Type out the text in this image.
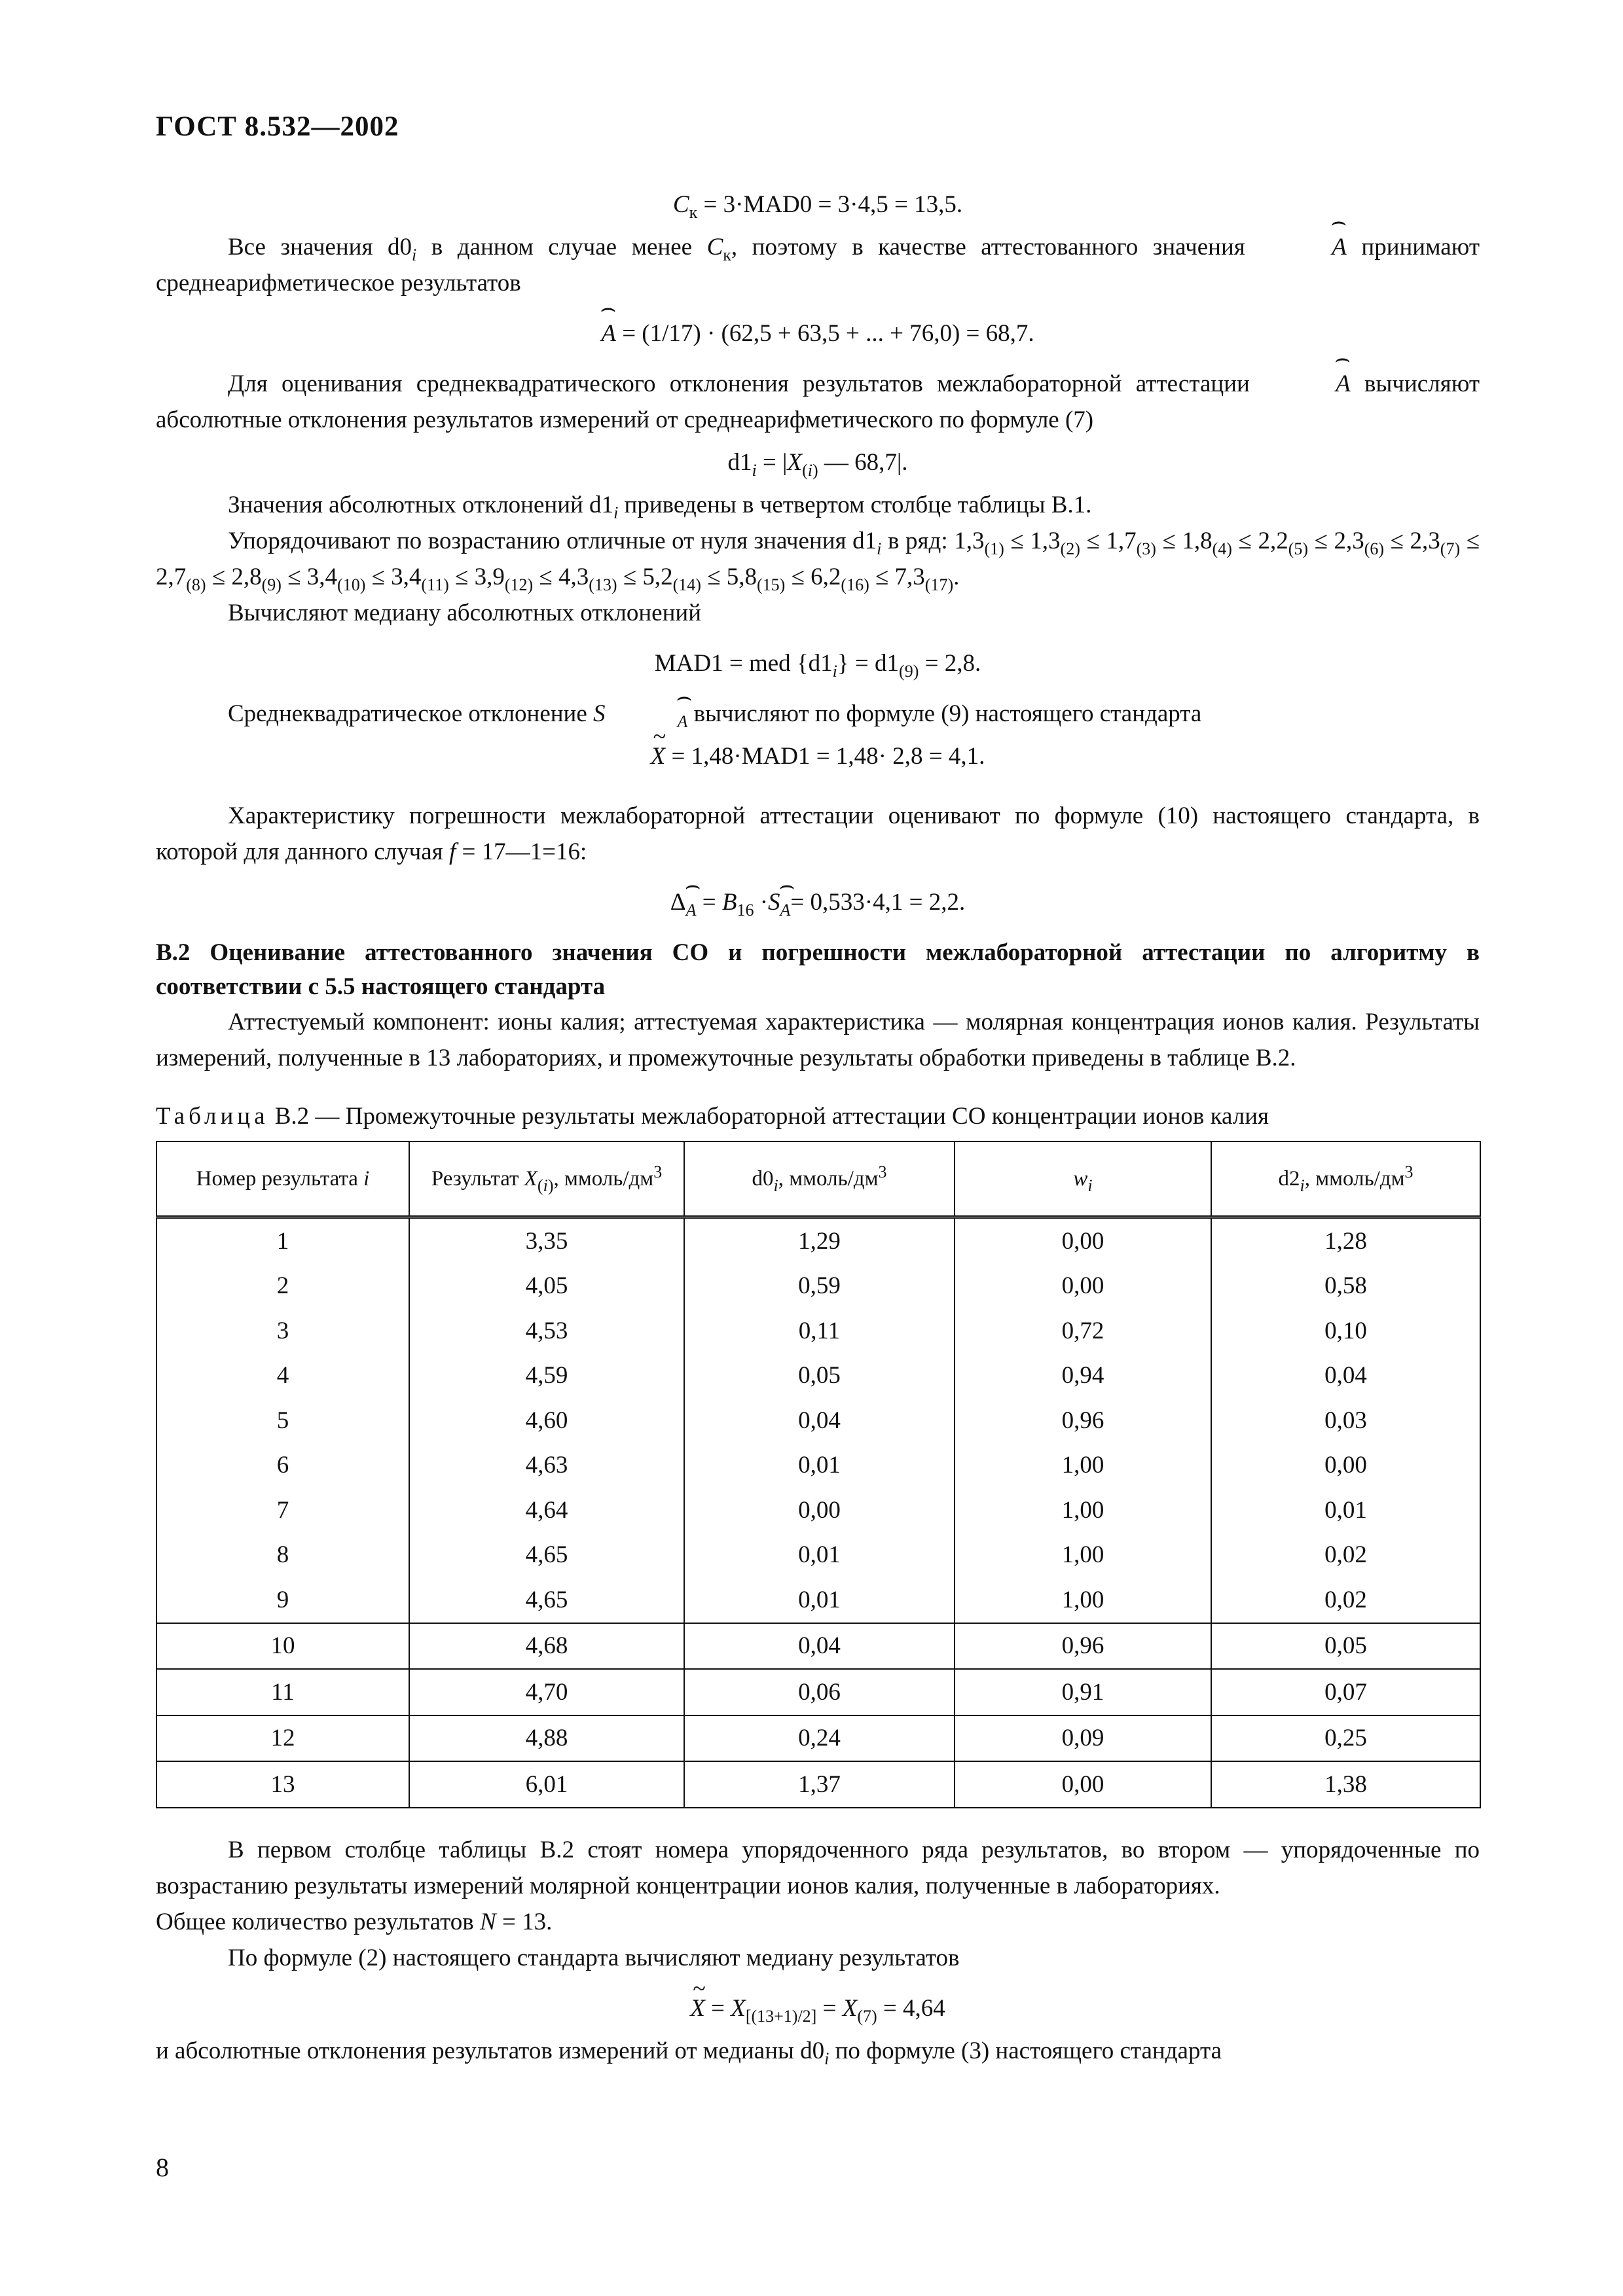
ГОСТ 8.532—2002

$C_к = 3\cdot MAD0 = 3\cdot 4,5 = 13,5$.

Все значения $d0_i$ в данном случае менее $C_к$, поэтому в качестве аттестованного значения	⌢ A принимают среднеарифметическое результатов

⌢ A = (1/17) · (62,5 + 63,5 + ... + 76,0) = 68,7.

Для оценивания среднеквадратического отклонения результатов межлабораторной аттестации	⌢ A вычисляют абсолютные отклонения результатов измерений от среднеарифметического по формуле (7)

$d1_i = |X_{(i)}$ — 68,7|.

Значения абсолютных отклонений $d1_i$ приведены в четвертом столбце таблицы В.1.

Упорядочивают по возрастанию отличные от нуля значения $d1_i$ в ряд: $1,3_{(1)} \le 1,3_{(2)} \le 1,7_{(3)} \le 1,8_{(4)} \le 2,2_{(5)} \le 2,3_{(6)} \le 2,3_{(7)} \le 2,7_{(8)} \le 2,8_{(9)} \le 3,4_{(10)} \le 3,4_{(11)} \le 3,9_{(12)} \le 4,3_{(13)} \le 5,2_{(14)} \le 5,8_{(15)} \le 6,2_{(16)} \le 7,3_{(17)}$.

Вычисляют медиану абсолютных отклонений

MAD1 = med $\{d1_i\} = d1_{(9)} = 2,8$.

Среднеквадратическое отклонение S	$_A$ вычисляют по формуле (9) настоящего стандарта

~ X = 1,48·MAD1 = 1,48· 2,8 = 4,1.

Характеристику погрешности межлабораторной аттестации оценивают по формуле (10) настоящего стандарта, в которой для данного случая f = 17—1=16:

$\Delta_A = B_{16} \cdot S_A= 0,533\cdot 4,1 = 2,2$.

В.2 Оценивание аттестованного значения СО и погрешности межлабораторной аттестации по алгоритму в соответствии с 5.5 настоящего стандарта

Аттестуемый компонент: ионы калия; аттестуемая характеристика — молярная концентрация ионов калия. Результаты измерений, полученные в 13 лабораториях, и промежуточные результаты обработки приведены в таблице В.2.

Таблица В.2 — Промежуточные результаты межлабораторной аттестации СО концентрации ионов калия

Номер результата i	Результат $X_{(i)}$, ммоль/$дм^3$	$d0_i$, ммоль/$дм^3$	$w_i$	$d2_i$, ммоль/$дм^3$
1	3,35	1,29	0,00	1,28
2	4,05	0,59	0,00	0,58
3	4,53	0,11	0,72	0,10
4	4,59	0,05	0,94	0,04
5	4,60	0,04	0,96	0,03
6	4,63	0,01	1,00	0,00
7	4,64	0,00	1,00	0,01
8	4,65	0,01	1,00	0,02
9	4,65	0,01	1,00	0,02
10	4,68	0,04	0,96	0,05
11	4,70	0,06	0,91	0,07
12	4,88	0,24	0,09	0,25
13	6,01	1,37	0,00	1,38

В первом столбце таблицы В.2 стоят номера упорядоченного ряда результатов, во втором — упорядоченные по возрастанию результаты измерений молярной концентрации ионов калия, полученные в лабораториях.

Общее количество результатов N = 13.

По формуле (2) настоящего стандарта вычисляют медиану результатов

~ $X = X_{[(13+1)/2]} = X_{(7)} = 4,64$

и абсолютные отклонения результатов измерений от медианы $d0_i$ по формуле (3) настоящего стандарта

8
